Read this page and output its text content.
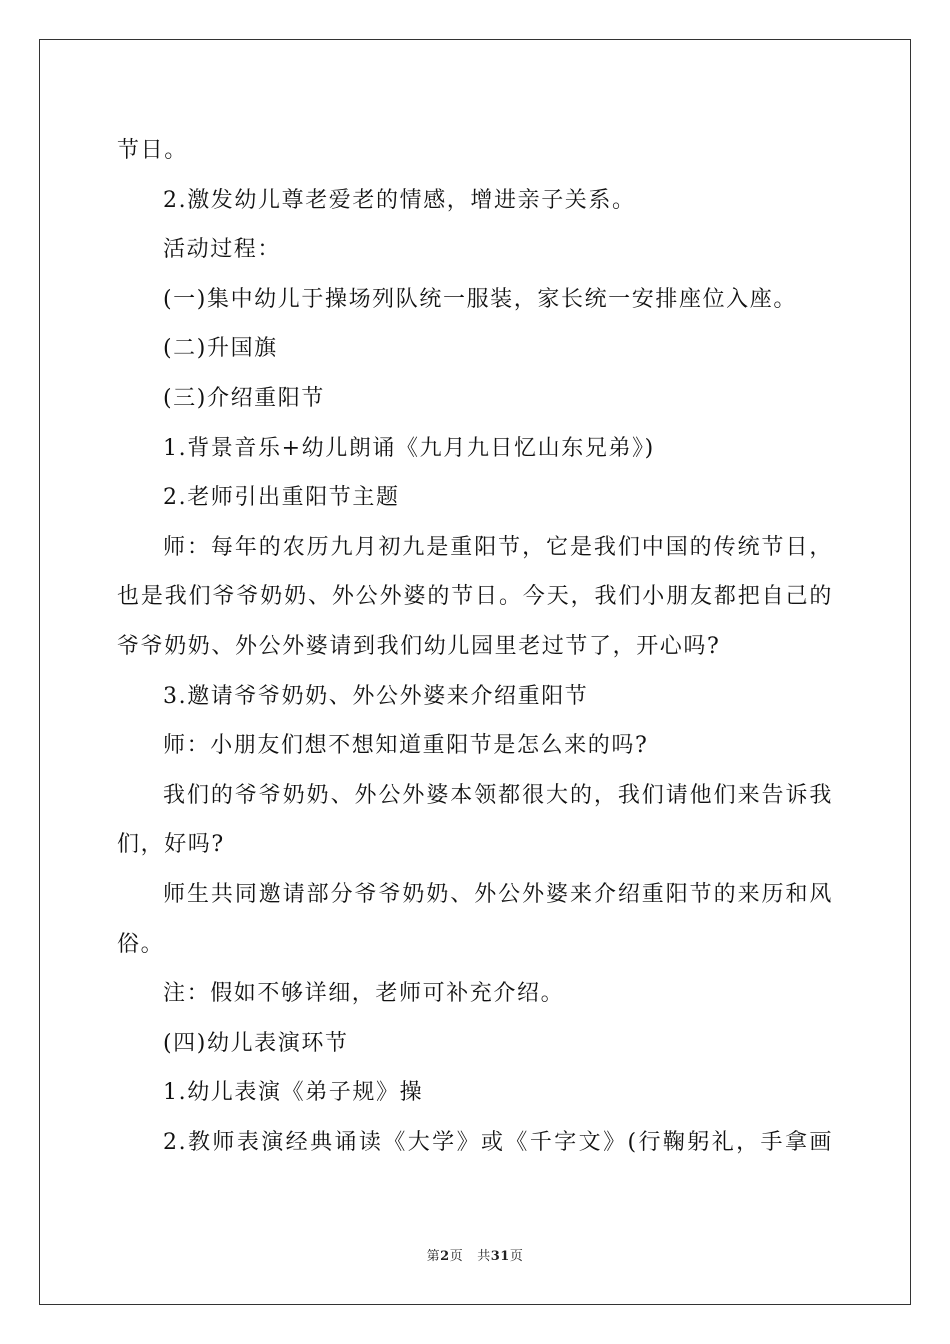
节日。
2.激发幼儿尊老爱老的情感，增进亲子关系。
活动过程：
(一)集中幼儿于操场列队统一服装，家长统一安排座位入座。
(二)升国旗
(三)介绍重阳节
1.背景音乐+幼儿朗诵《九月九日忆山东兄弟》)
2.老师引出重阳节主题
师：每年的农历九月初九是重阳节，它是我们中国的传统节日，
也是我们爷爷奶奶、外公外婆的节日。今天，我们小朋友都把自己的
爷爷奶奶、外公外婆请到我们幼儿园里老过节了，开心吗?
3.邀请爷爷奶奶、外公外婆来介绍重阳节
师：小朋友们想不想知道重阳节是怎么来的吗?
我们的爷爷奶奶、外公外婆本领都很大的，我们请他们来告诉我
们，好吗?
师生共同邀请部分爷爷奶奶、外公外婆来介绍重阳节的来历和风
俗。
注：假如不够详细，老师可补充介绍。
(四)幼儿表演环节
1.幼儿表演《弟子规》操
2.教师表演经典诵读《大学》或《千字文》(行鞠躬礼，手拿画
第2页 共31页
